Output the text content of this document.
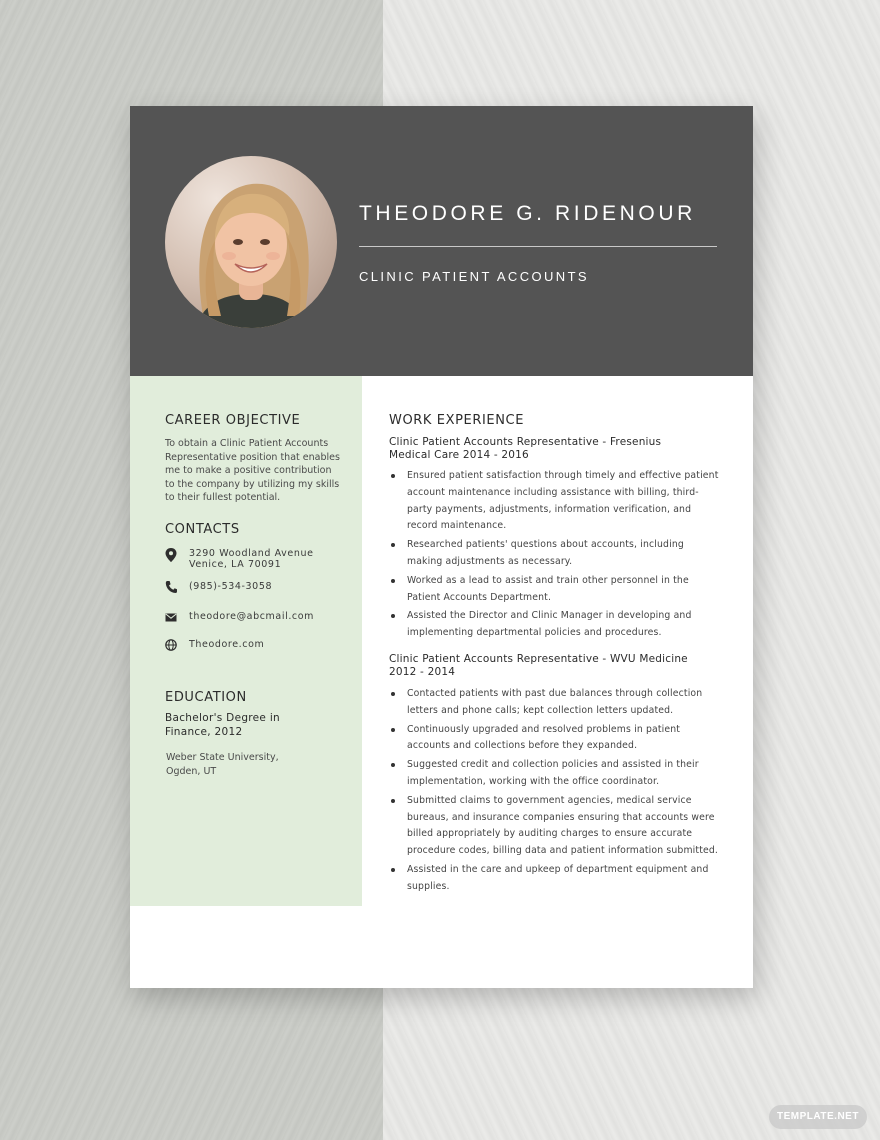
THEODORE G. RIDENOUR
CLINIC PATIENT ACCOUNTS
CAREER OBJECTIVE
To obtain a Clinic Patient Accounts Representative position that enables me to make a positive contribution to the company by utilizing my skills to their fullest potential.
CONTACTS
3290 Woodland Avenue
Venice, LA 70091
(985)-534-3058
theodore@abcmail.com
Theodore.com
EDUCATION
Bachelor's Degree in Finance, 2012
Weber State University, Ogden, UT
WORK EXPERIENCE
Clinic Patient Accounts Representative - Fresenius Medical Care 2014 - 2016
Ensured patient satisfaction through timely and effective patient account maintenance including assistance with billing, third-party payments, adjustments, information verification, and record maintenance.
Researched patients' questions about accounts, including making adjustments as necessary.
Worked as a lead to assist and train other personnel in the Patient Accounts Department.
Assisted the Director and Clinic Manager in developing and implementing departmental policies and procedures.
Clinic Patient Accounts Representative - WVU Medicine 2012 - 2014
Contacted patients with past due balances through collection letters and phone calls; kept collection letters updated.
Continuously upgraded and resolved problems in patient accounts and collections before they expanded.
Suggested credit and collection policies and assisted in their implementation, working with the office coordinator.
Submitted claims to government agencies, medical service bureaus, and insurance companies ensuring that accounts were billed appropriately by auditing charges to ensure accurate procedure codes, billing data and patient information submitted.
Assisted in the care and upkeep of department equipment and supplies.
TEMPLATE.NET
